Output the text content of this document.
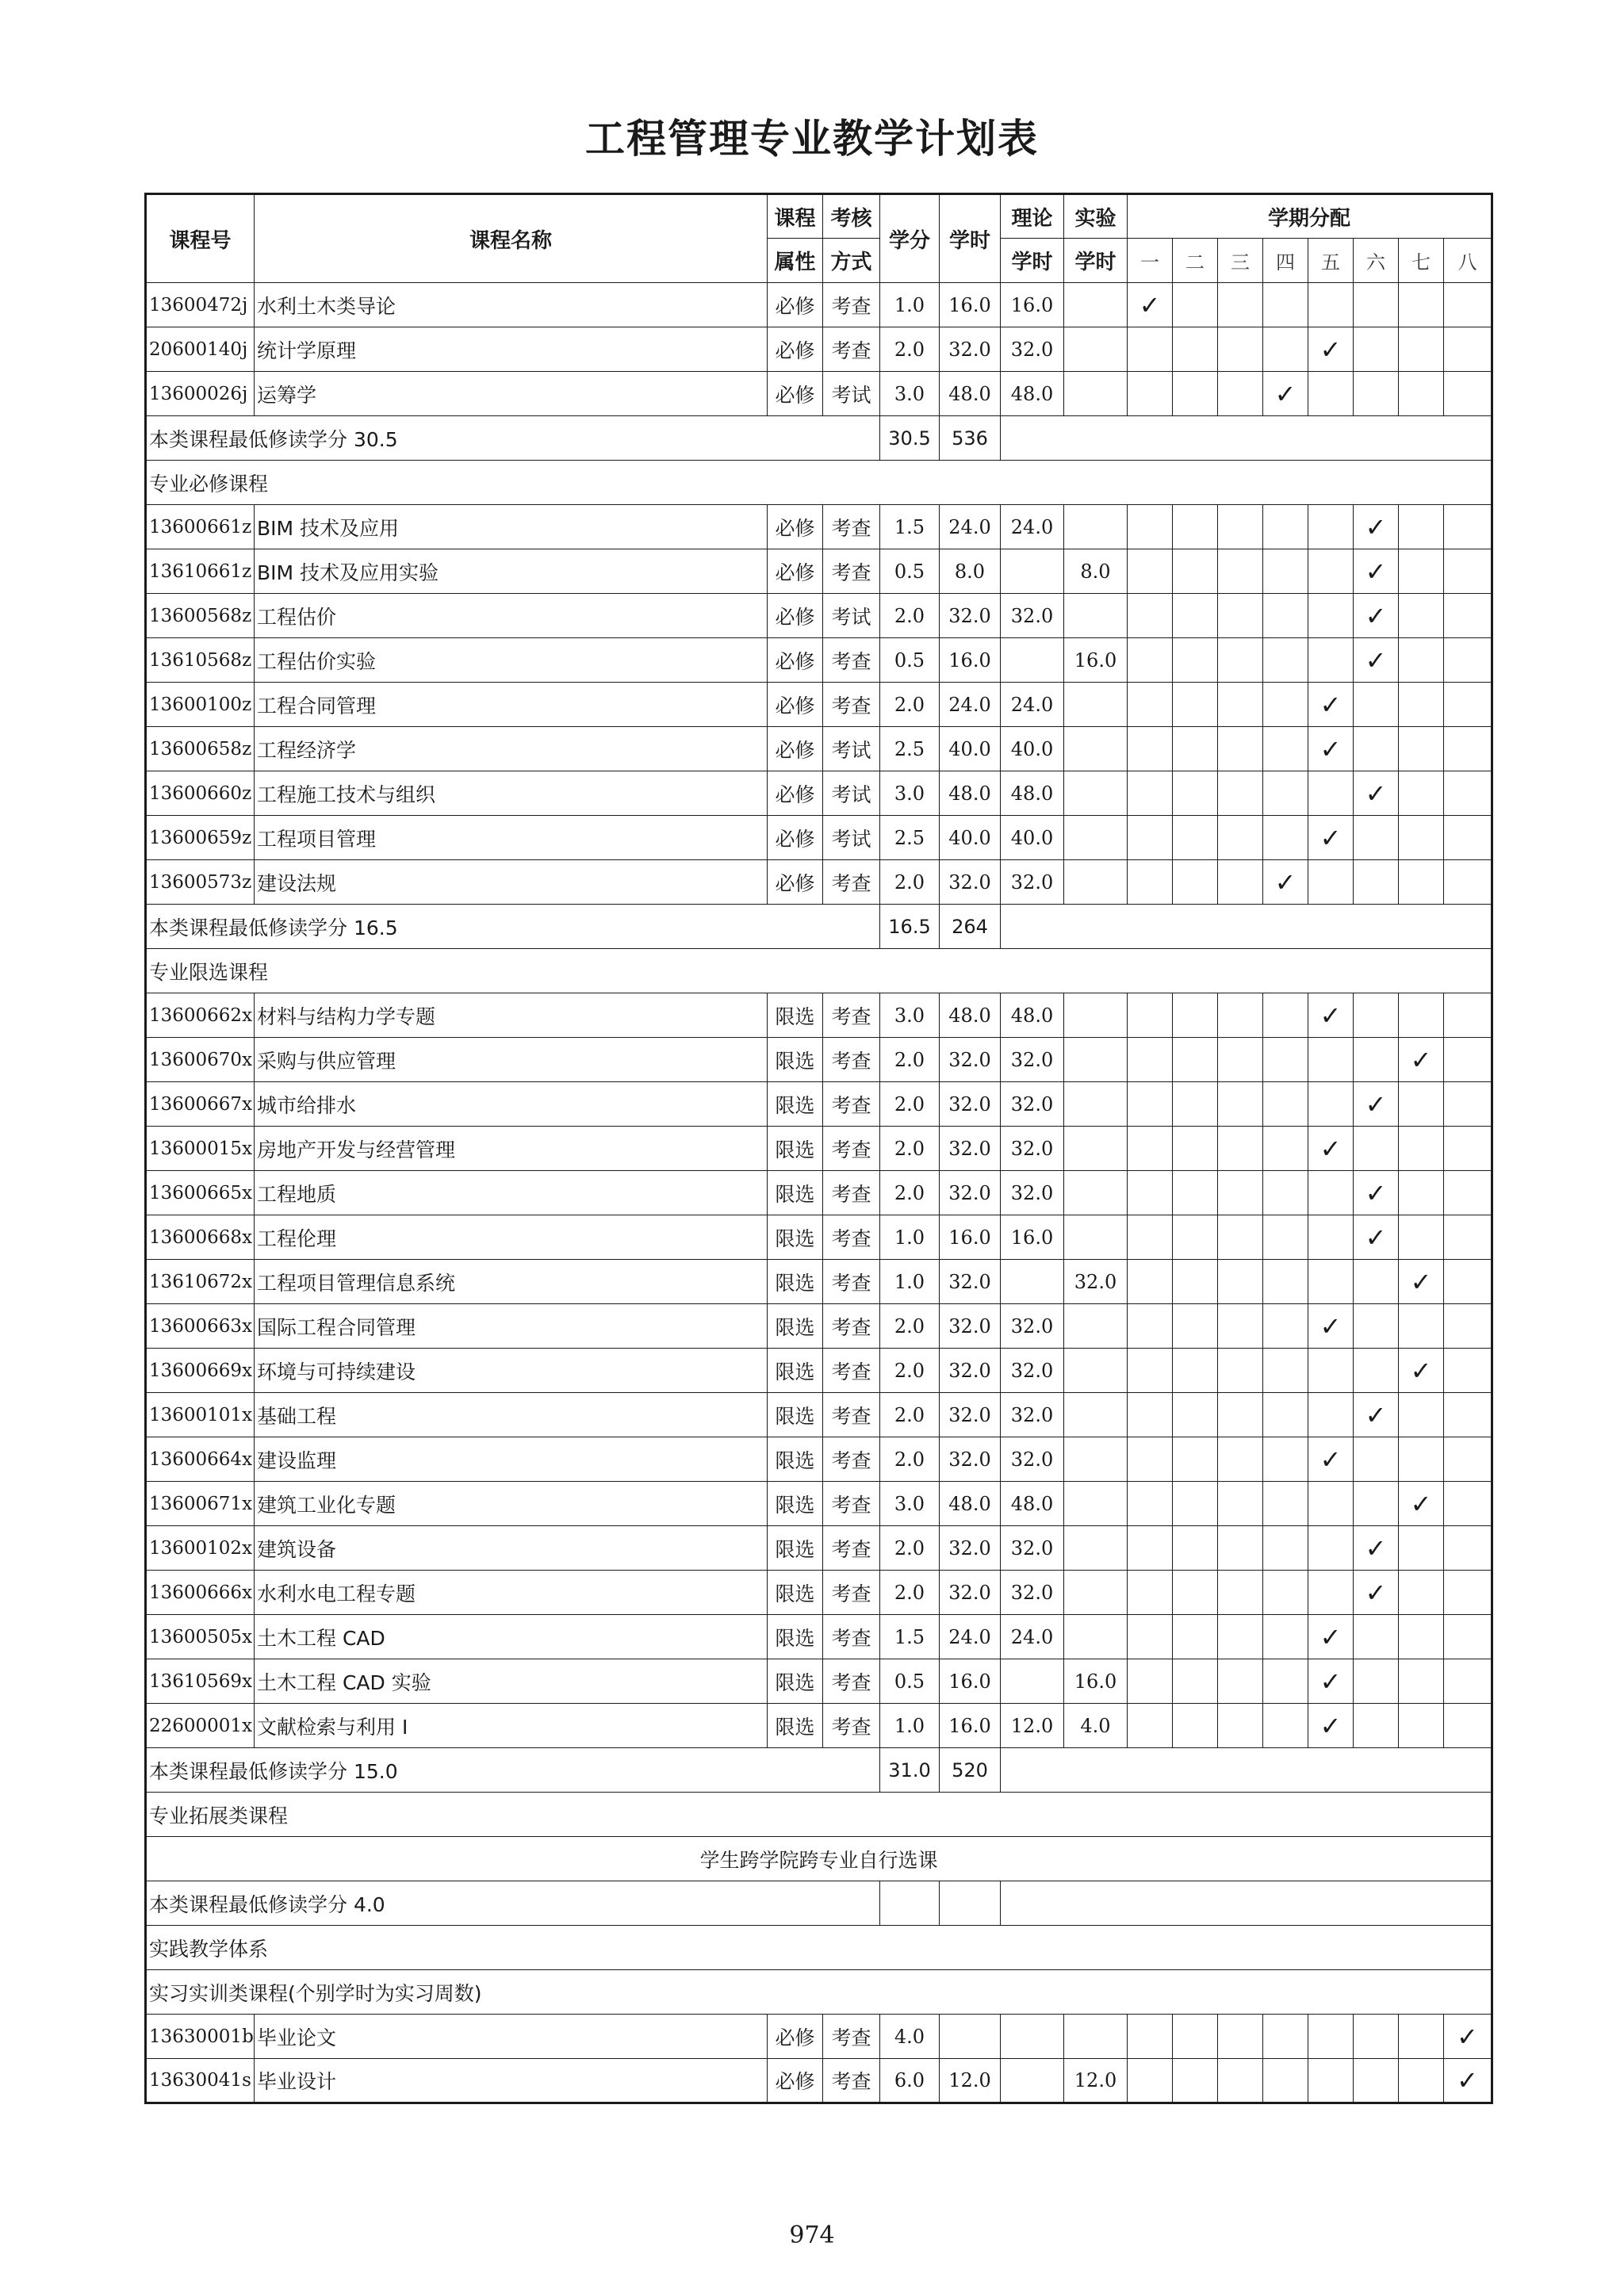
工程管理专业教学计划表
课程号	课程名称	课程	考核	学分	学时	理论	实验	学期分配							
		属性	方式			学时	学时	一	二	三	四	五	六	七	八
13600472j	水利土木类导论	必修	考查	1.0	16.0	16.0		✓							
20600140j	统计学原理	必修	考查	2.0	32.0	32.0						✓			
13600026j	运筹学	必修	考试	3.0	48.0	48.0					✓				
本类课程最低修读学分 30.5				30.5	536										
专业必修课程															
13600661z	BIM 技术及应用	必修	考查	1.5	24.0	24.0							✓		
13610661z	BIM 技术及应用实验	必修	考查	0.5	8.0		8.0						✓		
13600568z	工程估价	必修	考试	2.0	32.0	32.0							✓		
13610568z	工程估价实验	必修	考查	0.5	16.0		16.0						✓		
13600100z	工程合同管理	必修	考查	2.0	24.0	24.0						✓			
13600658z	工程经济学	必修	考试	2.5	40.0	40.0						✓			
13600660z	工程施工技术与组织	必修	考试	3.0	48.0	48.0							✓		
13600659z	工程项目管理	必修	考试	2.5	40.0	40.0						✓			
13600573z	建设法规	必修	考查	2.0	32.0	32.0					✓				
本类课程最低修读学分 16.5				16.5	264										
专业限选课程															
13600662x	材料与结构力学专题	限选	考查	3.0	48.0	48.0						✓			
13600670x	采购与供应管理	限选	考查	2.0	32.0	32.0								✓	
13600667x	城市给排水	限选	考查	2.0	32.0	32.0							✓		
13600015x	房地产开发与经营管理	限选	考查	2.0	32.0	32.0						✓			
13600665x	工程地质	限选	考查	2.0	32.0	32.0							✓		
13600668x	工程伦理	限选	考查	1.0	16.0	16.0							✓		
13610672x	工程项目管理信息系统	限选	考查	1.0	32.0		32.0							✓	
13600663x	国际工程合同管理	限选	考查	2.0	32.0	32.0						✓			
13600669x	环境与可持续建设	限选	考查	2.0	32.0	32.0								✓	
13600101x	基础工程	限选	考查	2.0	32.0	32.0							✓		
13600664x	建设监理	限选	考查	2.0	32.0	32.0						✓			
13600671x	建筑工业化专题	限选	考查	3.0	48.0	48.0								✓	
13600102x	建筑设备	限选	考查	2.0	32.0	32.0							✓		
13600666x	水利水电工程专题	限选	考查	2.0	32.0	32.0							✓		
13600505x	土木工程 CAD	限选	考查	1.5	24.0	24.0						✓			
13610569x	土木工程 CAD 实验	限选	考查	0.5	16.0		16.0					✓			
22600001x	文献检索与利用 I	限选	考查	1.0	16.0	12.0	4.0					✓			
本类课程最低修读学分 15.0				31.0	520										
专业拓展类课程															
学生跨学院跨专业自行选课															
本类课程最低修读学分 4.0															
实践教学体系															
实习实训类课程(个别学时为实习周数)															
13630001b	毕业论文	必修	考查	4.0											✓
13630041s	毕业设计	必修	考查	6.0	12.0		12.0								✓
974
